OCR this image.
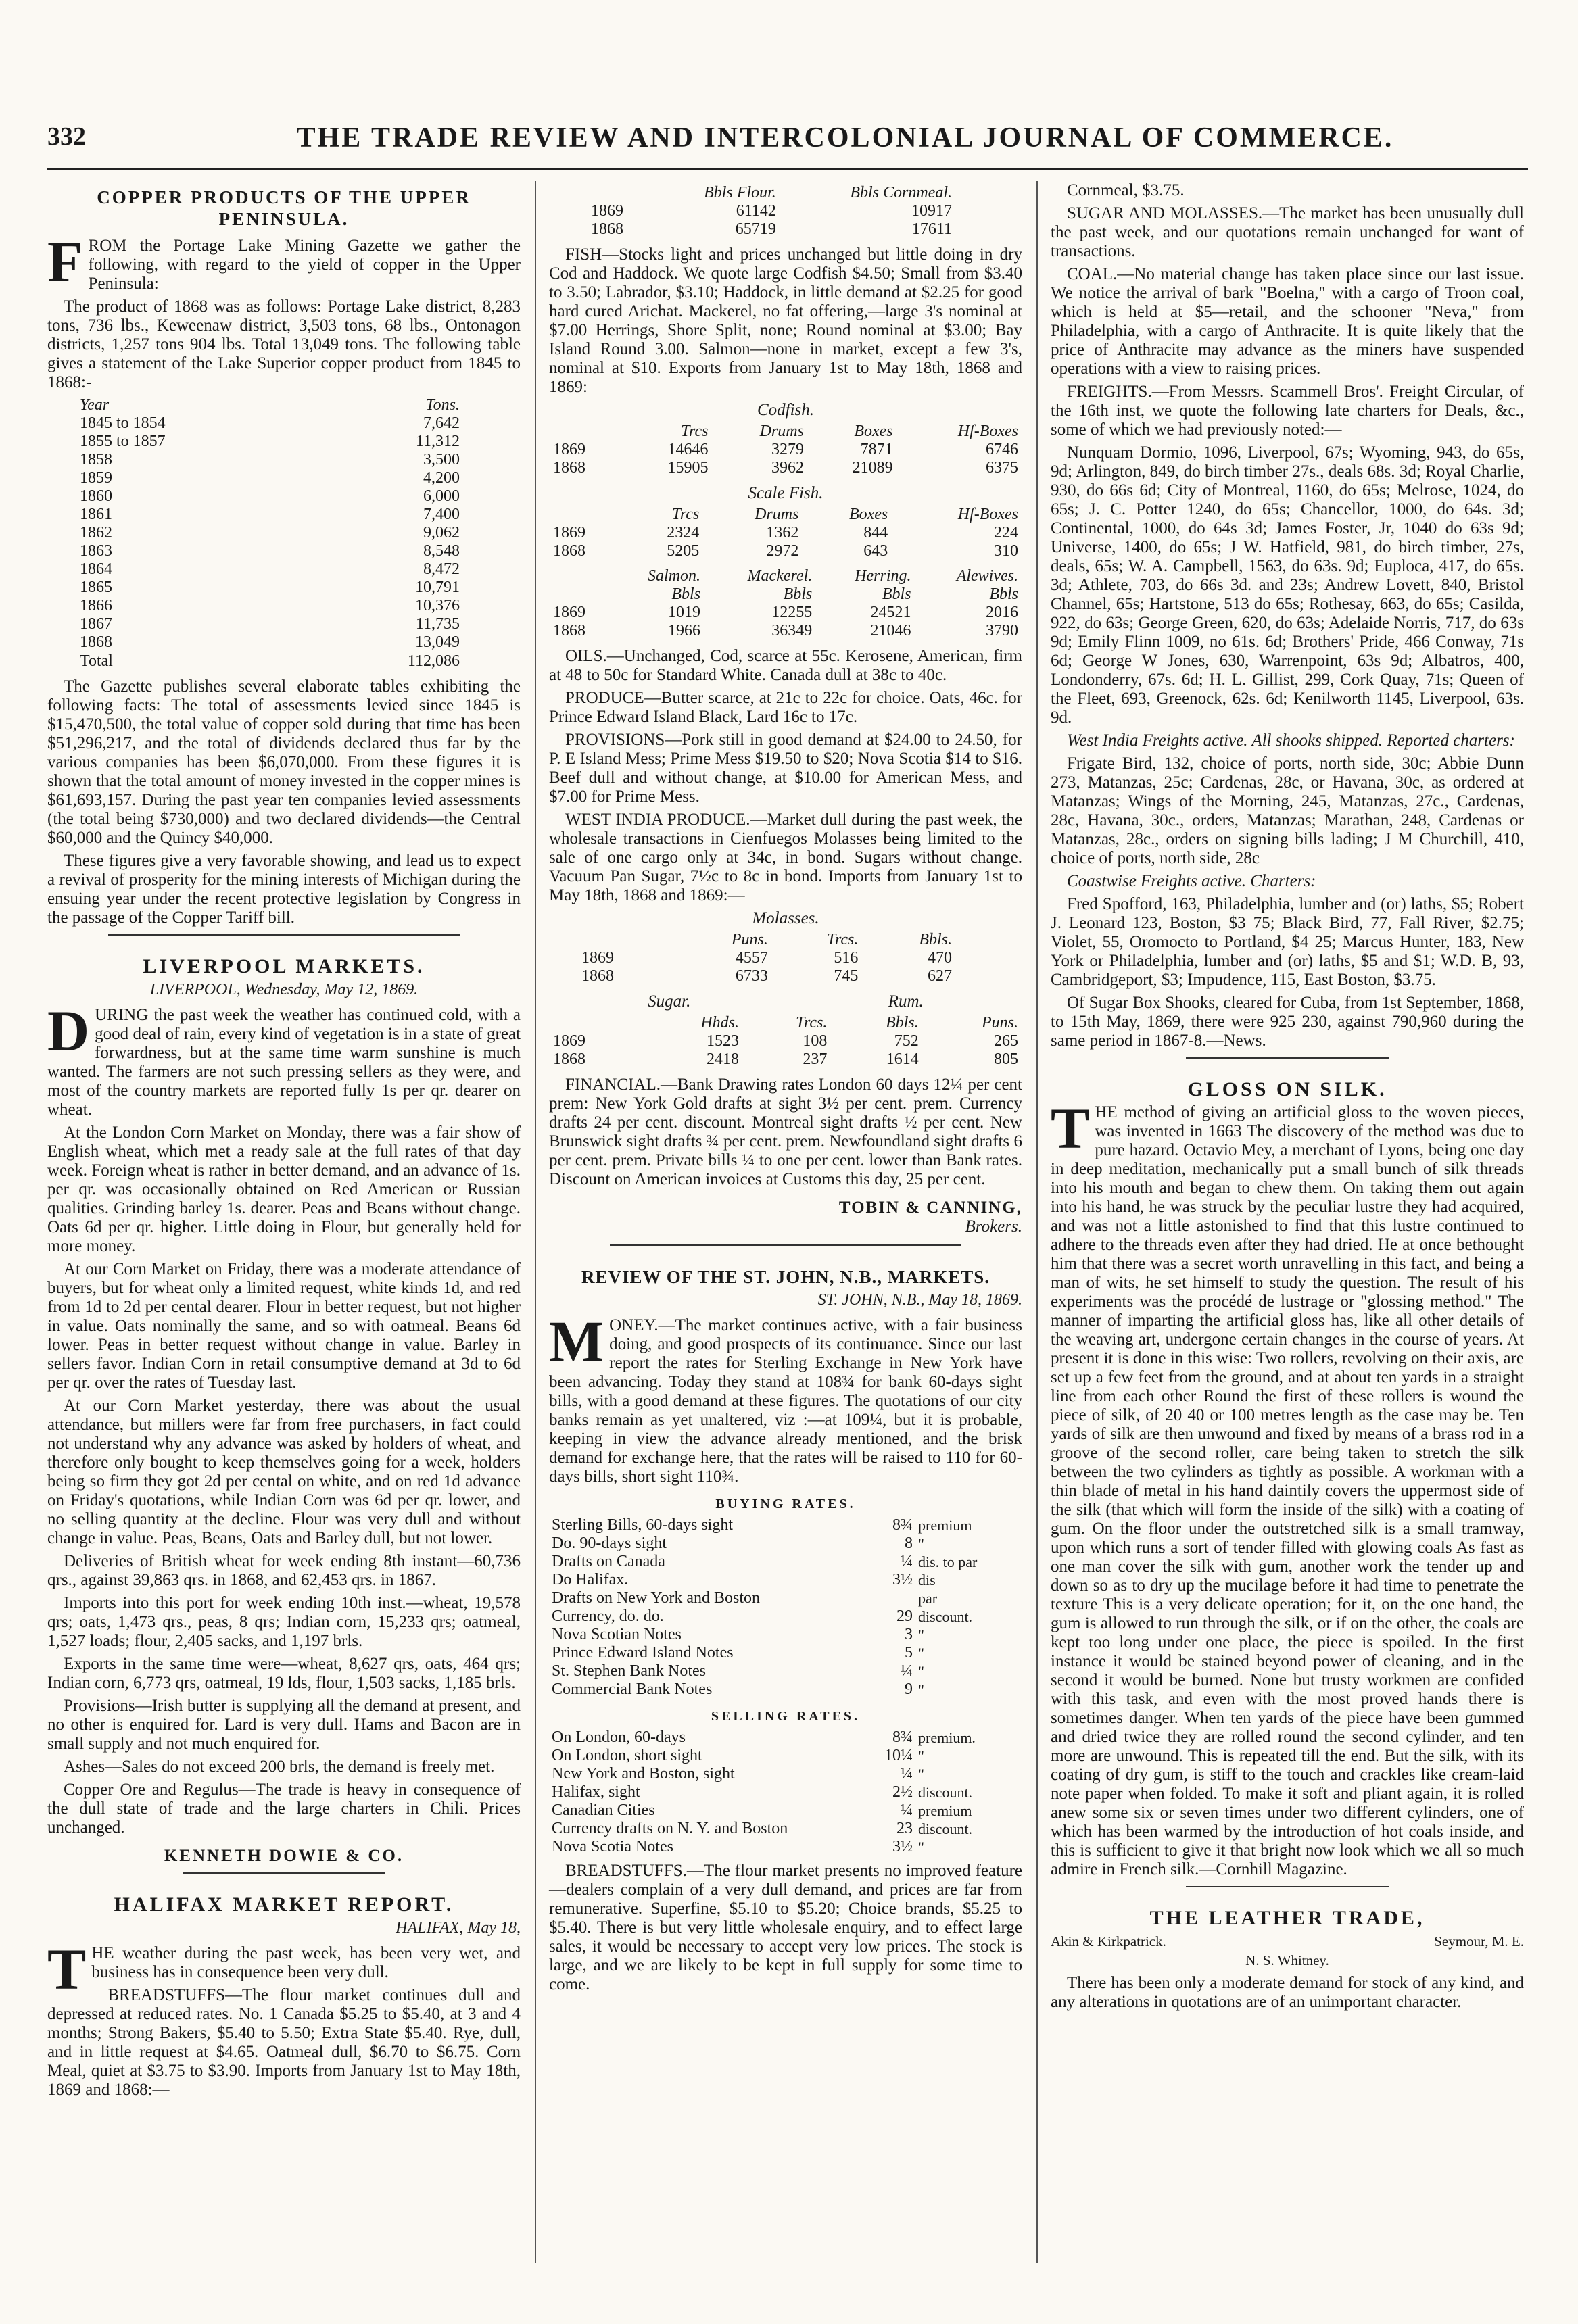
332	THE TRADE REVIEW AND INTERCOLONIAL JOURNAL OF COMMERCE.
COPPER PRODUCTS OF THE UPPER PENINSULA.

FROM the Portage Lake Mining Gazette we gather the following, with regard to the yield of copper in the Upper Peninsula:

The product of 1868 was as follows: Portage Lake district, 8,283 tons, 736 lbs., Keweenaw district, 3,503 tons, 68 lbs., Ontonagon districts, 1,257 tons 904 lbs. Total 13,049 tons. The following table gives a statement of the Lake Superior copper product from 1845 to 1868:-

Year	Tons.
1845 to 1854	7,642
1855 to 1857	11,312
1858	3,500
1859	4,200
1860	6,000
1861	7,400
1862	9,062
1863	8,548
1864	8,472
1865	10,791
1866	10,376
1867	11,735
1868	13,049
Total	112,086

The Gazette publishes several elaborate tables exhibiting the following facts: The total of assessments levied since 1845 is $15,470,500, the total value of copper sold during that time has been $51,296,217, and the total of dividends declared thus far by the various companies has been $6,070,000. From these figures it is shown that the total amount of money invested in the copper mines is $61,693,157. During the past year ten companies levied assessments (the total being $730,000) and two declared dividends—the Central $60,000 and the Quincy $40,000.

These figures give a very favorable showing, and lead us to expect a revival of prosperity for the mining interests of Michigan during the ensuing year under the recent protective legislation by Congress in the passage of the Copper Tariff bill.

LIVERPOOL MARKETS.
LIVERPOOL, Wednesday, May 12, 1869.

DURING the past week the weather has continued cold, with a good deal of rain, every kind of vegetation is in a state of great forwardness, but at the same time warm sunshine is much wanted. The farmers are not such pressing sellers as they were, and most of the country markets are reported fully 1s per qr. dearer on wheat.

At the London Corn Market on Monday, there was a fair show of English wheat, which met a ready sale at the full rates of that day week. Foreign wheat is rather in better demand, and an advance of 1s. per qr. was occasionally obtained on Red American or Russian qualities. Grinding barley 1s. dearer. Peas and Beans without change. Oats 6d per qr. higher. Little doing in Flour, but generally held for more money.

At our Corn Market on Friday, there was a moderate attendance of buyers, but for wheat only a limited request, white kinds 1d, and red from 1d to 2d per cental dearer. Flour in better request, but not higher in value. Oats nominally the same, and so with oatmeal. Beans 6d lower. Peas in better request without change in value. Barley in sellers favor. Indian Corn in retail consumptive demand at 3d to 6d per qr. over the rates of Tuesday last.

At our Corn Market yesterday, there was about the usual attendance, but millers were far from free purchasers, in fact could not understand why any advance was asked by holders of wheat, and therefore only bought to keep themselves going for a week, holders being so firm they got 2d per cental on white, and on red 1d advance on Friday's quotations, while Indian Corn was 6d per qr. lower, and no selling quantity at the decline. Flour was very dull and without change in value. Peas, Beans, Oats and Barley dull, but not lower.

Deliveries of British wheat for week ending 8th instant—60,736 qrs., against 39,863 qrs. in 1868, and 62,453 qrs. in 1867.

Imports into this port for week ending 10th inst.—wheat, 19,578 qrs; oats, 1,473 qrs., peas, 8 qrs; Indian corn, 15,233 qrs; oatmeal, 1,527 loads; flour, 2,405 sacks, and 1,197 brls.

Exports in the same time were—wheat, 8,627 qrs, oats, 464 qrs; Indian corn, 6,773 qrs, oatmeal, 19 lds, flour, 1,503 sacks, 1,185 brls.

Provisions—Irish butter is supplying all the demand at present, and no other is enquired for. Lard is very dull. Hams and Bacon are in small supply and not much enquired for.

Ashes—Sales do not exceed 200 brls, the demand is freely met.

Copper Ore and Regulus—The trade is heavy in consequence of the dull state of trade and the large charters in Chili. Prices unchanged.

KENNETH DOWIE & CO.
HALIFAX MARKET REPORT.
HALIFAX, May 18,

THE weather during the past week, has been very wet, and business has in consequence been very dull.

BREADSTUFFS—The flour market continues dull and depressed at reduced rates. No. 1 Canada $5.25 to $5.40, at 3 and 4 months; Strong Bakers, $5.40 to 5.50; Extra State $5.40. Rye, dull, and in little request at $4.65. Oatmeal dull, $6.70 to $6.75. Corn Meal, quiet at $3.75 to $3.90. Imports from January 1st to May 18th, 1869 and 1868:—

	Bbls Flour.	Bbls Cornmeal.
1869	61142	10917
1868	65719	17611

FISH—Stocks light and prices unchanged but little doing in dry Cod and Haddock. We quote large Codfish $4.50; Small from $3.40 to 3.50; Labrador, $3.10; Haddock, in little demand at $2.25 for good hard cured Arichat. Mackerel, no fat offering,—large 3's nominal at $7.00 Herrings, Shore Split, none; Round nominal at $3.00; Bay Island Round 3.00. Salmon—none in market, except a few 3's, nominal at $10. Exports from January 1st to May 18th, 1868 and 1869:

Codfish.
	Trcs	Drums	Boxes	Hf-Boxes
1869	14646	3279	7871	6746
1868	15905	3962	21089	6375
Scale Fish.
	Trcs	Drums	Boxes	Hf-Boxes
1869	2324	1362	844	224
1868	5205	2972	643	310
	Salmon.	Mackerel.	Herring.	Alewives.
	Bbls	Bbls	Bbls	Bbls
1869	1019	12255	24521	2016
1868	1966	36349	21046	3790

OILS.—Unchanged, Cod, scarce at 55c. Kerosene, American, firm at 48 to 50c for Standard White. Canada dull at 38c to 40c.

PRODUCE—Butter scarce, at 21c to 22c for choice. Oats, 46c. for Prince Edward Island Black, Lard 16c to 17c.

PROVISIONS—Pork still in good demand at $24.00 to 24.50, for P. E Island Mess; Prime Mess $19.50 to $20; Nova Scotia $14 to $16. Beef dull and without change, at $10.00 for American Mess, and $7.00 for Prime Mess.

WEST INDIA PRODUCE.—Market dull during the past week, the wholesale transactions in Cienfuegos Molasses being limited to the sale of one cargo only at 34c, in bond. Sugars without change. Vacuum Pan Sugar, 7½c to 8c in bond. Imports from January 1st to May 18th, 1868 and 1869:—

Molasses.
	Puns.	Trcs.	Bbls.
1869	4557	516	470
1868	6733	745	627
Sugar.	Rum.
	Hhds.	Trcs.	Bbls.	Puns.
1869	1523	108	752	265
1868	2418	237	1614	805

FINANCIAL.—Bank Drawing rates London 60 days 12¼ per cent prem: New York Gold drafts at sight 3½ per cent. prem. Currency drafts 24 per cent. discount. Montreal sight drafts ½ per cent. New Brunswick sight drafts ¾ per cent. prem. Newfoundland sight drafts 6 per cent. prem. Private bills ¼ to one per cent. lower than Bank rates. Discount on American invoices at Customs this day, 25 per cent.

TOBIN & CANNING,
Brokers.
REVIEW OF THE ST. JOHN, N.B., MARKETS.
ST. JOHN, N.B., May 18, 1869.

MONEY.—The market continues active, with a fair business doing, and good prospects of its continuance. Since our last report the rates for Sterling Exchange in New York have been advancing. Today they stand at 108¾ for bank 60-days sight bills, with a good demand at these figures. The quotations of our city banks remain as yet unaltered, viz :—at 109¼, but it is probable, keeping in view the advance already mentioned, and the brisk demand for exchange here, that the rates will be raised to 110 for 60-days bills, short sight 110¾.

BUYING RATES.
Sterling Bills, 60-days sight	8¾	premium
Do. 90-days sight	8	"
Drafts on Canada	¼	dis. to par
Do Halifax.	3½	dis
Drafts on New York and Boston		par
Currency, do. do.	29	discount.
Nova Scotian Notes	3	"
Prince Edward Island Notes	5	"
St. Stephen Bank Notes	¼	"
Commercial Bank Notes	9	"
SELLING RATES.
On London, 60-days	8¾	premium.
On London, short sight	10¼	"
New York and Boston, sight	¼	"
Halifax, sight	2½	discount.
Canadian Cities	¼	premium
Currency drafts on N. Y. and Boston	23	discount.
Nova Scotia Notes	3½	"

BREADSTUFFS.—The flour market presents no improved feature—dealers complain of a very dull demand, and prices are far from remunerative. Superfine, $5.10 to $5.20; Choice brands, $5.25 to $5.40. There is but very little wholesale enquiry, and to effect large sales, it would be necessary to accept very low prices. The stock is large, and we are likely to be kept in full supply for some time to come.

Cornmeal, $3.75.

SUGAR AND MOLASSES.—The market has been unusually dull the past week, and our quotations remain unchanged for want of transactions.

COAL.—No material change has taken place since our last issue. We notice the arrival of bark "Boelna," with a cargo of Troon coal, which is held at $5—retail, and the schooner "Neva," from Philadelphia, with a cargo of Anthracite. It is quite likely that the price of Anthracite may advance as the miners have suspended operations with a view to raising prices.

FREIGHTS.—From Messrs. Scammell Bros'. Freight Circular, of the 16th inst, we quote the following late charters for Deals, &c., some of which we had previously noted:—

Nunquam Dormio, 1096, Liverpool, 67s; Wyoming, 943, do 65s, 9d; Arlington, 849, do birch timber 27s., deals 68s. 3d; Royal Charlie, 930, do 66s 6d; City of Montreal, 1160, do 65s; Melrose, 1024, do 65s; J. C. Potter 1240, do 65s; Chancellor, 1000, do 64s. 3d; Continental, 1000, do 64s 3d; James Foster, Jr, 1040 do 63s 9d; Universe, 1400, do 65s; J W. Hatfield, 981, do birch timber, 27s, deals, 65s; W. A. Campbell, 1563, do 63s. 9d; Euploca, 417, do 65s. 3d; Athlete, 703, do 66s 3d. and 23s; Andrew Lovett, 840, Bristol Channel, 65s; Hartstone, 513 do 65s; Rothesay, 663, do 65s; Casilda, 922, do 63s; George Green, 620, do 63s; Adelaide Norris, 717, do 63s 9d; Emily Flinn 1009, no 61s. 6d; Brothers' Pride, 466 Conway, 71s 6d; George W Jones, 630, Warrenpoint, 63s 9d; Albatros, 400, Londonderry, 67s. 6d; H. L. Gillist, 299, Cork Quay, 71s; Queen of the Fleet, 693, Greenock, 62s. 6d; Kenilworth 1145, Liverpool, 63s. 9d.

West India Freights active. All shooks shipped. Reported charters:

Frigate Bird, 132, choice of ports, north side, 30c; Abbie Dunn 273, Matanzas, 25c; Cardenas, 28c, or Havana, 30c, as ordered at Matanzas; Wings of the Morning, 245, Matanzas, 27c., Cardenas, 28c, Havana, 30c., orders, Matanzas; Marathan, 248, Cardenas or Matanzas, 28c., orders on signing bills lading; J M Churchill, 410, choice of ports, north side, 28c

Coastwise Freights active. Charters:

Fred Spofford, 163, Philadelphia, lumber and (or) laths, $5; Robert J. Leonard 123, Boston, $3 75; Black Bird, 77, Fall River, $2.75; Violet, 55, Oromocto to Portland, $4 25; Marcus Hunter, 183, New York or Philadelphia, lumber and (or) laths, $5 and $1; W.D. B, 93, Cambridgeport, $3; Impudence, 115, East Boston, $3.75.

Of Sugar Box Shooks, cleared for Cuba, from 1st September, 1868, to 15th May, 1869, there were 925 230, against 790,960 during the same period in 1867-8.—News.

GLOSS ON SILK.

THE method of giving an artificial gloss to the woven pieces, was invented in 1663 The discovery of the method was due to pure hazard. Octavio Mey, a merchant of Lyons, being one day in deep meditation, mechanically put a small bunch of silk threads into his mouth and began to chew them. On taking them out again into his hand, he was struck by the peculiar lustre they had acquired, and was not a little astonished to find that this lustre continued to adhere to the threads even after they had dried. He at once bethought him that there was a secret worth unravelling in this fact, and being a man of wits, he set himself to study the question. The result of his experiments was the procédé de lustrage or "glossing method." The manner of imparting the artificial gloss has, like all other details of the weaving art, undergone certain changes in the course of years. At present it is done in this wise: Two rollers, revolving on their axis, are set up a few feet from the ground, and at about ten yards in a straight line from each other Round the first of these rollers is wound the piece of silk, of 20 40 or 100 metres length as the case may be. Ten yards of silk are then unwound and fixed by means of a brass rod in a groove of the second roller, care being taken to stretch the silk between the two cylinders as tightly as possible. A workman with a thin blade of metal in his hand daintily covers the uppermost side of the silk (that which will form the inside of the silk) with a coating of gum. On the floor under the outstretched silk is a small tramway, upon which runs a sort of tender filled with glowing coals As fast as one man cover the silk with gum, another work the tender up and down so as to dry up the mucilage before it had time to penetrate the texture This is a very delicate operation; for it, on the one hand, the gum is allowed to run through the silk, or if on the other, the coals are kept too long under one place, the piece is spoiled. In the first instance it would be stained beyond power of cleaning, and in the second it would be burned. None but trusty workmen are confided with this task, and even with the most proved hands there is sometimes danger. When ten yards of the piece have been gummed and dried twice they are rolled round the second cylinder, and ten more are unwound. This is repeated till the end. But the silk, with its coating of dry gum, is stiff to the touch and crackles like cream-laid note paper when folded. To make it soft and pliant again, it is rolled anew some six or seven times under two different cylinders, one of which has been warmed by the introduction of hot coals inside, and this is sufficient to give it that bright now look which we all so much admire in French silk.—Cornhill Magazine.

THE LEATHER TRADE,
Akin & Kirkpatrick.	Seymour, M. E.
N. S. Whitney.

There has been only a moderate demand for stock of any kind, and any alterations in quotations are of an unimportant character.
